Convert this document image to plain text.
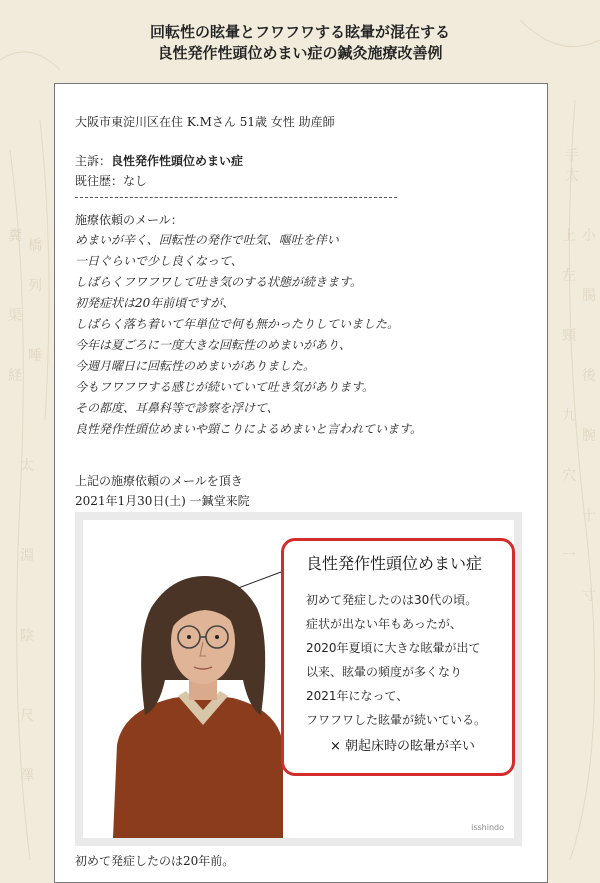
糞
渠
経
橋
列
唾
太
淵
陰
尺
澤
上 小
左
腸
頸
後
九
腕
穴
十
一
寸
手
太
回転性の眩暈とフワフワする眩暈が混在する
良性発作性頭位めまい症の鍼灸施療改善例
大阪市東淀川区在住 K.Mさん 51歳 女性 助産師
主訴：良性発作性頭位めまい症
既往歴：なし
施療依頼のメール：
めまいが辛く、回転性の発作で吐気、嘔吐を伴い
一日ぐらいで少し良くなって、
しばらくフワフワして吐き気のする状態が続きます。
初発症状は20年前頃ですが、
しばらく落ち着いて年単位で何も無かったりしていました。
今年は夏ごろに一度大きな回転性のめまいがあり、
今週月曜日に回転性のめまいがありました。
今もフワフワする感じが続いていて吐き気があります。
その都度、耳鼻科等で診察を浮けて、
良性発作性頭位めまいや頸こりによるめまいと言われています。
上記の施療依頼のメールを頂き
2021年1月30日(土) 一鍼堂来院
良性発作性頭位めまい症
初めて発症したのは30代の頃。
症状が出ない年もあったが、
2020年夏頃に大きな眩暈が出て
以来、眩暈の頻度が多くなり
2021年になって、
フワフワした眩暈が続いている。
× 朝起床時の眩暈が辛い
isshindo
初めて発症したのは20年前。
